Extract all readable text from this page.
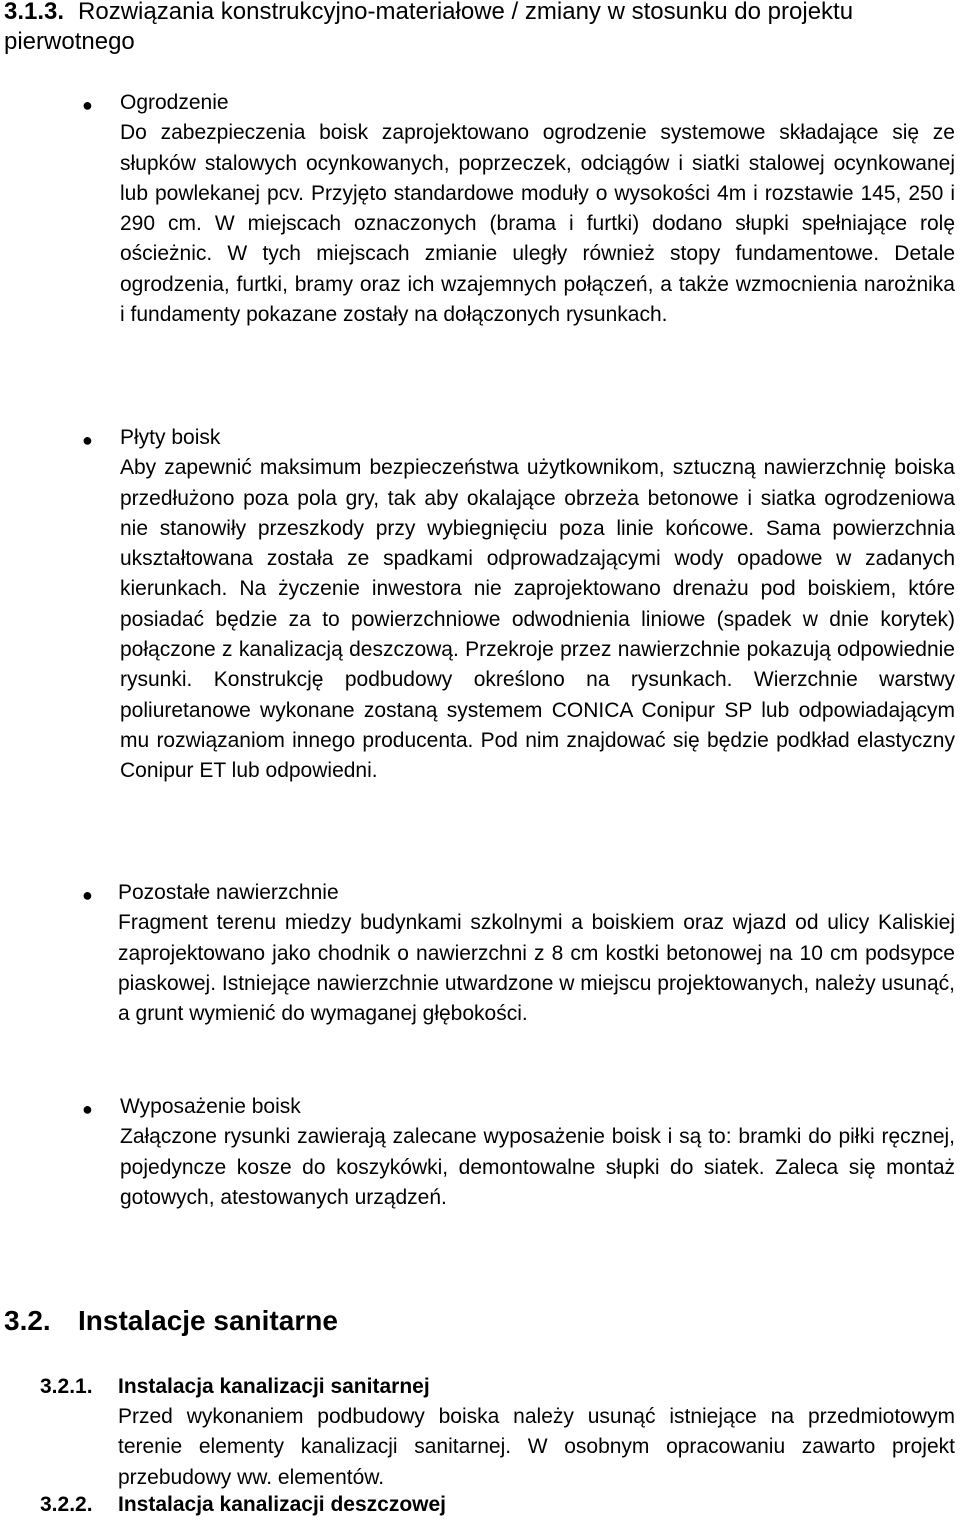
3.1.3. Rozwiązania konstrukcyjno-materiałowe / zmiany w stosunku do projektu pierwotnego
● Ogrodzenie
Do zabezpieczenia boisk zaprojektowano ogrodzenie systemowe składające się ze słupków stalowych ocynkowanych, poprzeczek, odciągów i siatki stalowej ocynkowanej lub powlekanej pcv. Przyjęto standardowe moduły o wysokości 4m i rozstawie 145, 250 i 290 cm. W miejscach oznaczonych (brama i furtki) dodano słupki spełniające rolę ościeżnic. W tych miejscach zmianie uległy również stopy fundamentowe. Detale ogrodzenia, furtki, bramy oraz ich wzajemnych połączeń, a także wzmocnienia narożnika i fundamenty pokazane zostały na dołączonych rysunkach.
● Płyty boisk
Aby zapewnić maksimum bezpieczeństwa użytkownikom, sztuczną nawierzchnię boiska przedłużono poza pola gry, tak aby okalające obrzeża betonowe i siatka ogrodzeniowa nie stanowiły przeszkody przy wybiegnięciu poza linie końcowe. Samа powierzchnia ukształtowana została ze spadkami odprowadzającymi wody opadowe w zadanych kierunkach. Na życzenie inwestora nie zaprojektowano drenażu pod boiskiem, które posiadać będzie za to powierzchniowe odwodnienia liniowe (spadek w dnie korytek) połączone z kanalizacją deszczową. Przekroje przez nawierzchnie pokazują odpowiednie rysunki. Konstrukcję podbudowy określono na rysunkach. Wierzchnie warstwy poliuretanowe wykonane zostaną systemem CONICA Conipur SP lub odpowiadającym mu rozwiązaniom innego producenta. Pod nim znajdować się będzie podkład elastyczny Conipur ET lub odpowiedni.
● Pozostałe nawierzchnie
Fragment terenu miedzy budynkami szkolnymi a boiskiem oraz wjazd od ulicy Kaliskiej zaprojektowano jako chodnik o nawierzchni z 8 cm kostki betonowej na 10 cm podsypce piaskowej. Istniejące nawierzchnie utwardzone w miejscu projektowanych, należy usunąć, a grunt wymienić do wymaganej głębokości.
● Wyposażenie boisk
Załączone rysunki zawierają zalecane wyposażenie boisk i są to: bramki do piłki ręcznej, pojedyncze kosze do koszykówki, demontowalne słupki do siatek. Zaleca się montaż gotowych, atestowanych urządzeń.
3.2. Instalacje sanitarne
3.2.1. Instalacja kanalizacji sanitarnej
Przed wykonaniem podbudowy boiska należy usunąć istniejące na przedmiotowym terenie elementy kanalizacji sanitarnej. W osobnym opracowaniu zawarto projekt przebudowy ww. elementów.
3.2.2. Instalacja kanalizacji deszczowej
